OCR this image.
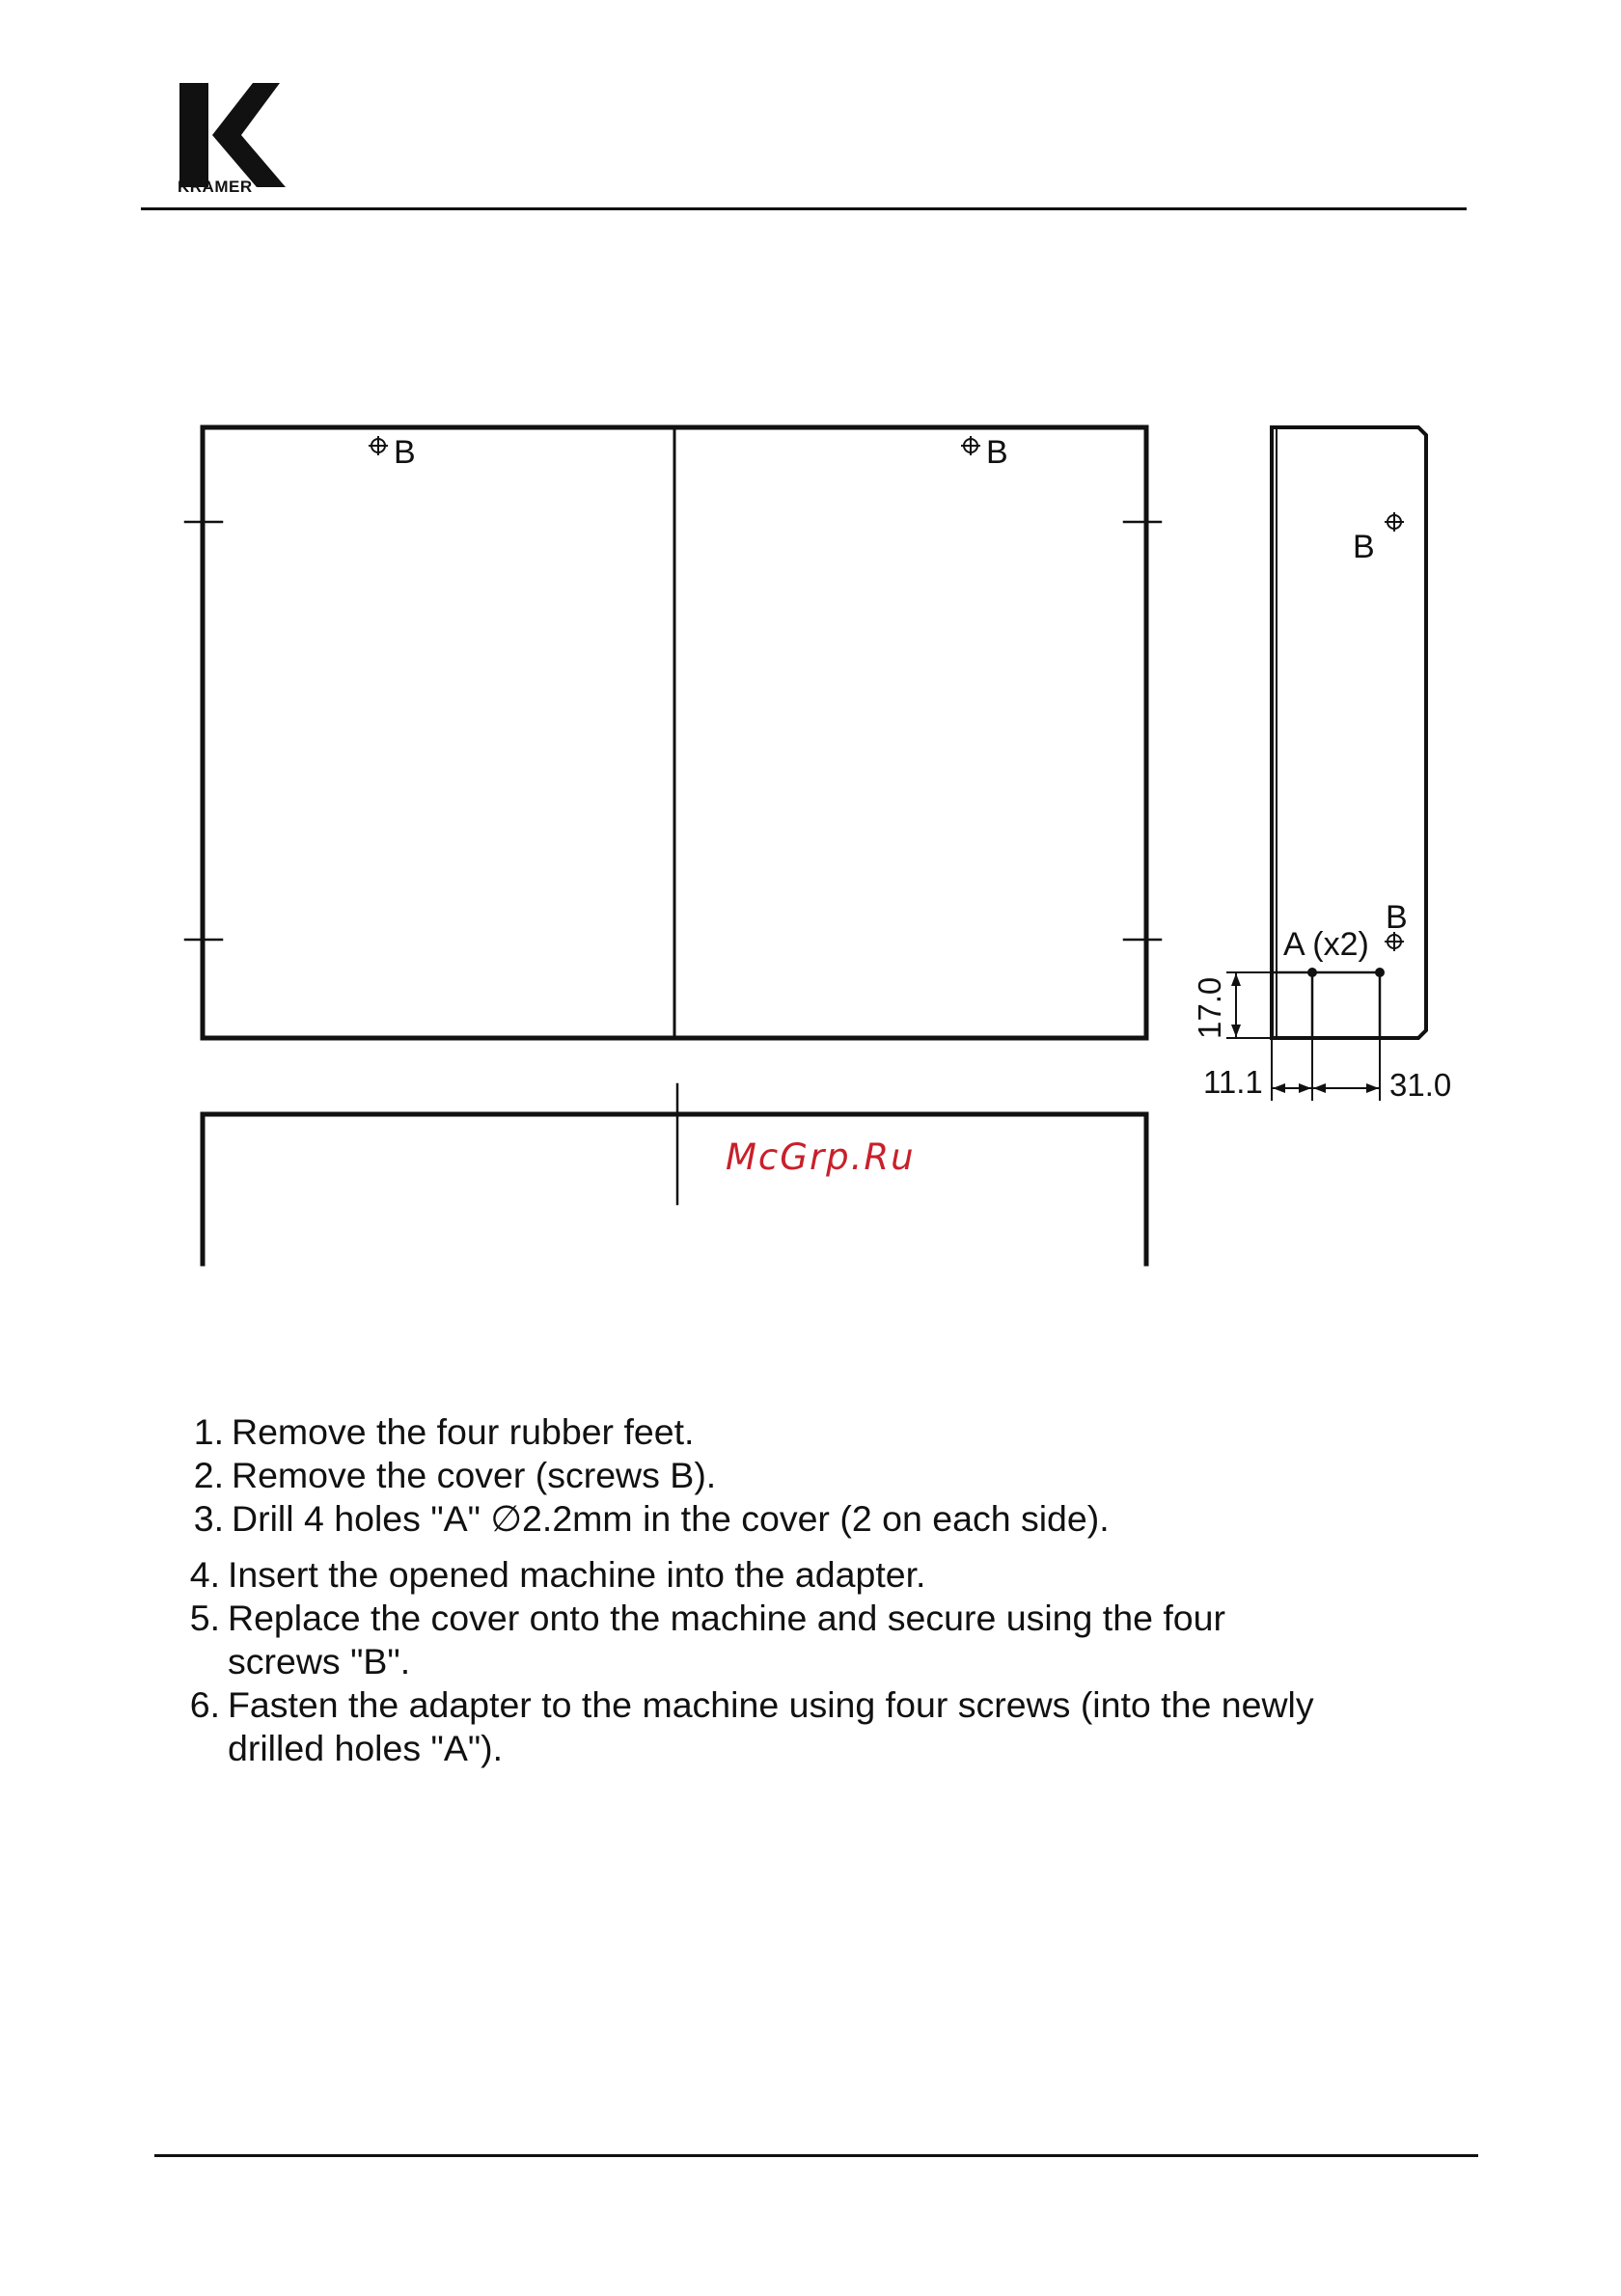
KRAMER
B	B
B
B
A (x2)
17.0
11.1	31.0
McGrp.Ru
1. Remove the four rubber feet.
2. Remove the cover (screws B).
3. Drill 4 holes "A" ∅2.2mm in the cover (2 on each side).
4. Insert the opened machine into the adapter.
5. Replace the cover onto the machine and secure using the four
screws "B".
6. Fasten the adapter to the machine using four screws (into the newly
drilled holes "A").
